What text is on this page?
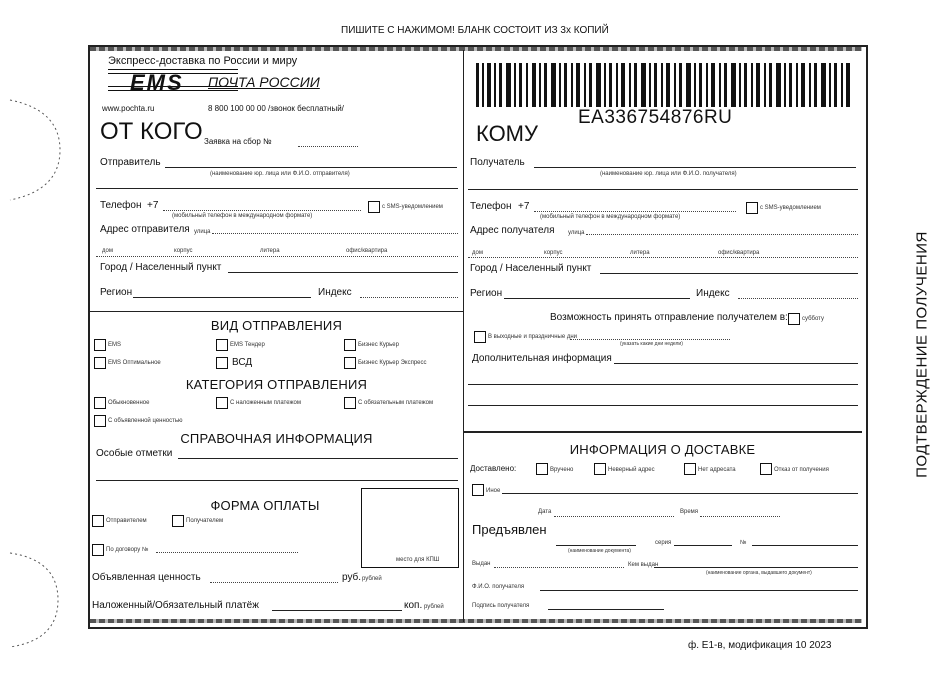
ПИШИТЕ С НАЖИМОМ! БЛАНК СОСТОИТ ИЗ 3х КОПИЙ
ПОДТВЕРЖДЕНИЕ ПОЛУЧЕНИЯ
Экспресс-доставка по России и миру
EMS ПОЧТА РОССИИ
www.pochta.ru	8 800 100 00 00 /звонок бесплатный/	EA336754876RU
ОТ КОГО Заявка на сбор №
Отправитель
(наименование юр. лица или Ф.И.О. отправителя)
Телефон +7
(мобильный телефон в международном формате)
с SMS-уведомлением
Адрес отправителя улица
дом	корпус	литера	офис/квартира
Город / Населенный пункт
Регион	Индекс
ВИД ОТПРАВЛЕНИЯ
EMS	EMS Тендер	Бизнес Курьер
EMS Оптимальное	ВСД	Бизнес Курьер Экспресс
КАТЕГОРИЯ ОТПРАВЛЕНИЯ
Обыкновенное	С наложенным платежом	С обязательным платежом
С объявленной ценностью
СПРАВОЧНАЯ ИНФОРМАЦИЯ
Особые отметки
ФОРМА ОПЛАТЫ
Отправителем	Получателем
По договору №
место для КПШ
Объявленная ценность	руб. рублей
Наложенный/Обязательный платёж	коп. рублей
КОМУ
Получатель
(наименование юр. лица или Ф.И.О. получателя)
Телефон +7
(мобильный телефон в международном формате)
с SMS-уведомлением
Адрес получателя улица
дом	корпус	литера	офис/квартира
Город / Населенный пункт
Регион	Индекс
Возможность принять отправление получателем в: субботу
В выходные и праздничные дни
(указать какие дни недели)
Дополнительная информация
ИНФОРМАЦИЯ О ДОСТАВКЕ
Доставлено:	Вручено	Неверный адрес	Нет адресата	Отказ от получения
Иное
Дата	Время
Предъявлен
(наименование документа)
серия	№
Выдан	Кем выдан
(наименование органа, выдавшего документ)
Ф.И.О. получателя
Подпись получателя
ф. Е1-в, модификация 10 2023
